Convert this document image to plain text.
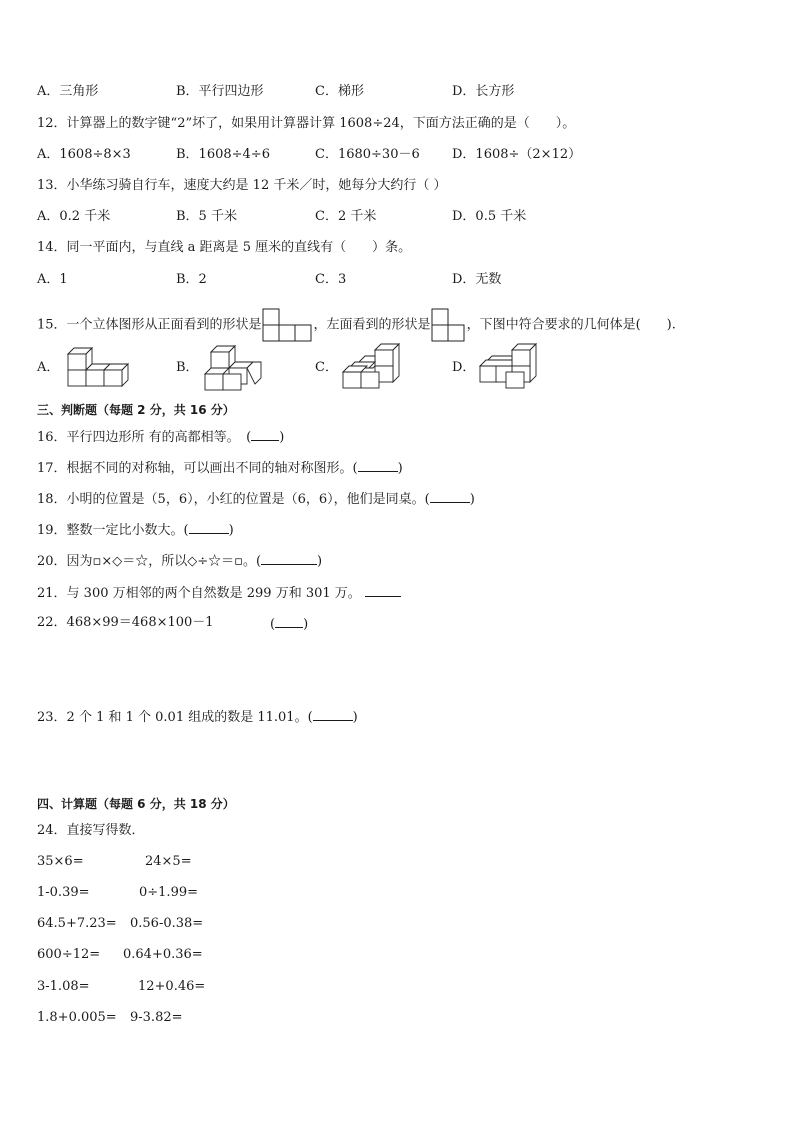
A．三角形	B．平行四边形	C．梯形	D．长方形
12．计算器上的数字键“2”坏了，如果用计算器计算 1608÷24，下面方法正确的是（　　）。
A．1608÷8×3	B．1608÷4÷6	C．1680÷30－6 D．1608÷（2×12）
13．小华练习骑自行车，速度大约是 12 千米／时，她每分大约行（ ）
A．0.2 千米	B．5 千米	C．2 千米	D．0.5 千米
14．同一平面内，与直线 a 距离是 5 厘米的直线有（　　）条。
A．1	B．2	C．3	D．无数
15．一个立体图形从正面看到的形状是	，左面看到的形状是	，下图中符合要求的几何体是(　　).
A．	B．	C．	D．
三、判断题（每题 2 分，共 16 分）
16．平行四边形所 有的高都相等。　( )
17．根据不同的对称轴，可以画出不同的轴对称图形。(	)
18．小明的位置是（5，6），小红的位置是（6，6），他们是同桌。(	)
19．整数一定比小数大。(	)
20．因为▫×◇＝☆，所以◇÷☆＝▫。(	)
21．与 300 万相邻的两个自然数是 299 万和 301 万。
22．468×99＝468×100－1	( )
23．2 个 1 和 1 个 0.01 组成的数是 11.01。(	)
四、计算题（每题 6 分，共 18 分）
24．直接写得数．
35×6=	24×5=
1-0.39=	0÷1.99=
64.5+7.23= 0.56-0.38=
600÷12= 0.64+0.36=
3-1.08=	12+0.46=
1.8+0.005= 9-3.82=
